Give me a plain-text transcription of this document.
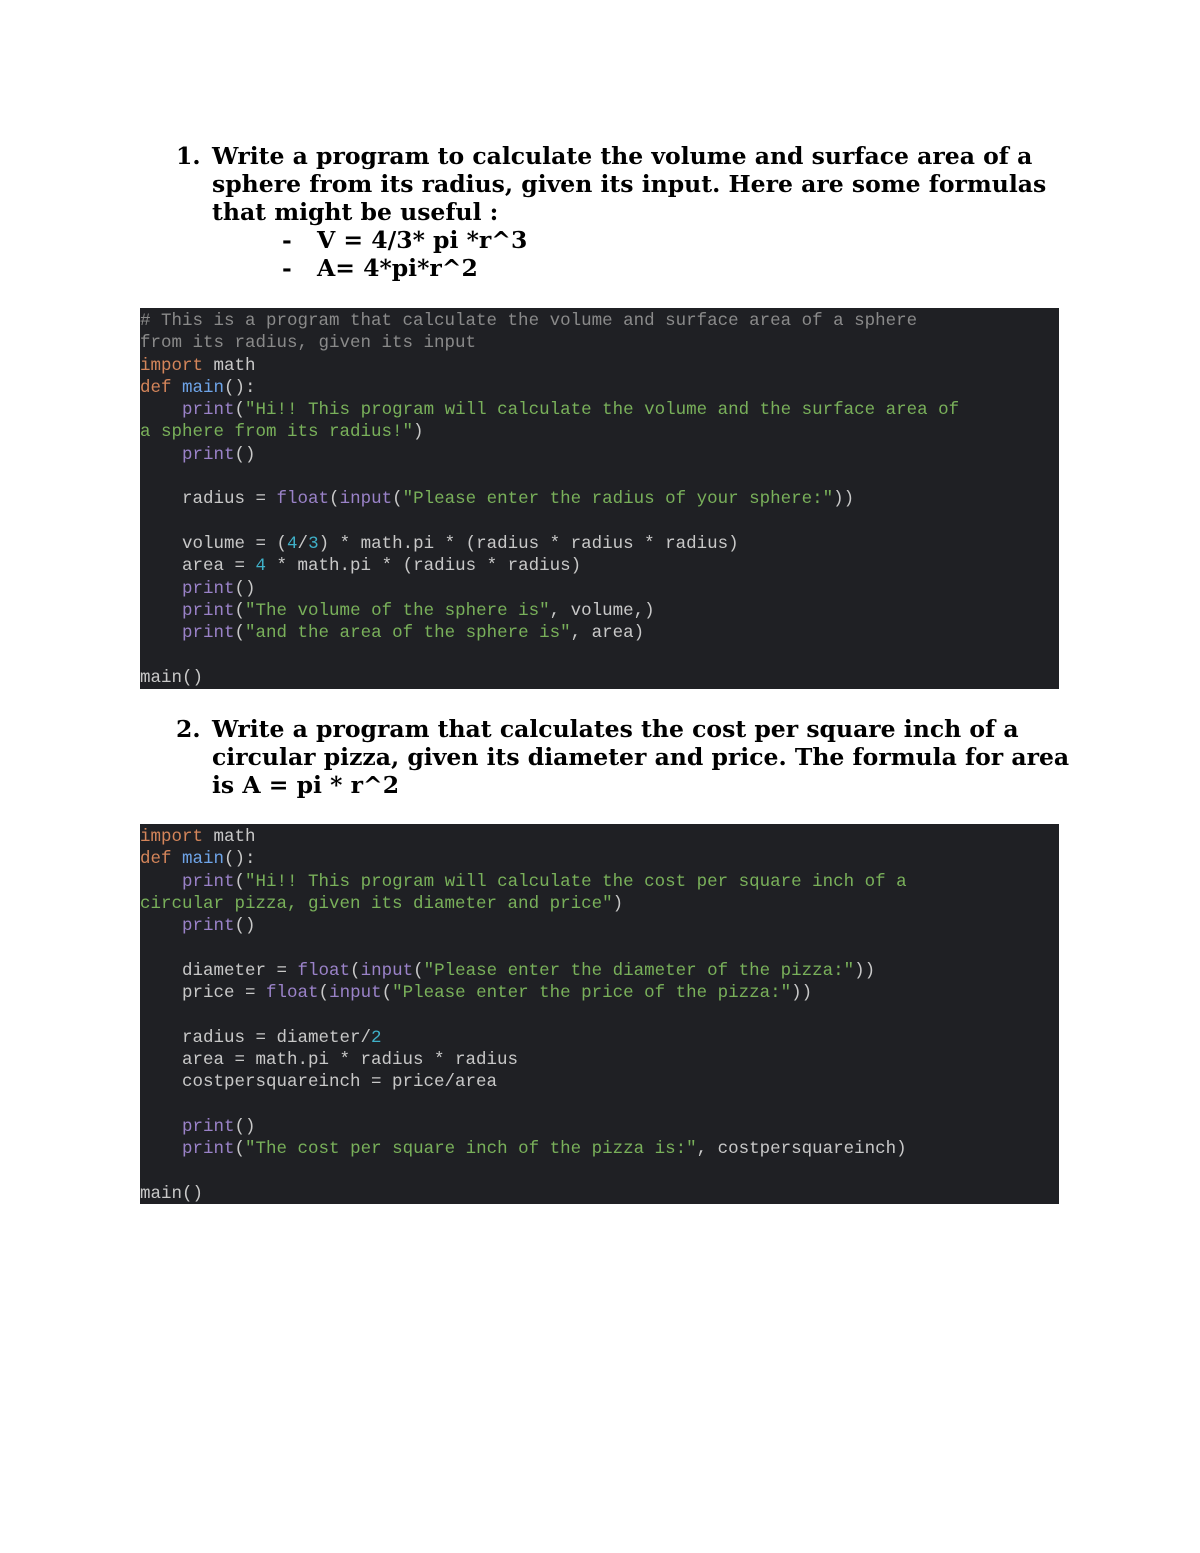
1. Write a program to calculate the volume and surface area of a sphere from its radius, given its input. Here are some formulas that might be useful :
- V = 4/3* pi *r^3
- A= 4*pi*r^2
# This is a program that calculate the volume and surface area of a sphere
from its radius, given its input
import math
def main():
print("Hi!! This program will calculate the volume and the surface area of
a sphere from its radius!")
print()
radius = float(input("Please enter the radius of your sphere:"))
volume = (4/3) * math.pi * (radius * radius * radius)
area = 4 * math.pi * (radius * radius)
print()
print("The volume of the sphere is", volume,)
print("and the area of the sphere is", area)
main()
2. Write a program that calculates the cost per square inch of a circular pizza, given its diameter and price. The formula for area is A = pi * r^2
import math
def main():
print("Hi!! This program will calculate the cost per square inch of a
circular pizza, given its diameter and price")
print()
diameter = float(input("Please enter the diameter of the pizza:"))
price = float(input("Please enter the price of the pizza:"))
radius = diameter/2
area = math.pi * radius * radius
costpersquareinch = price/area
print()
print("The cost per square inch of the pizza is:", costpersquareinch)
main()
